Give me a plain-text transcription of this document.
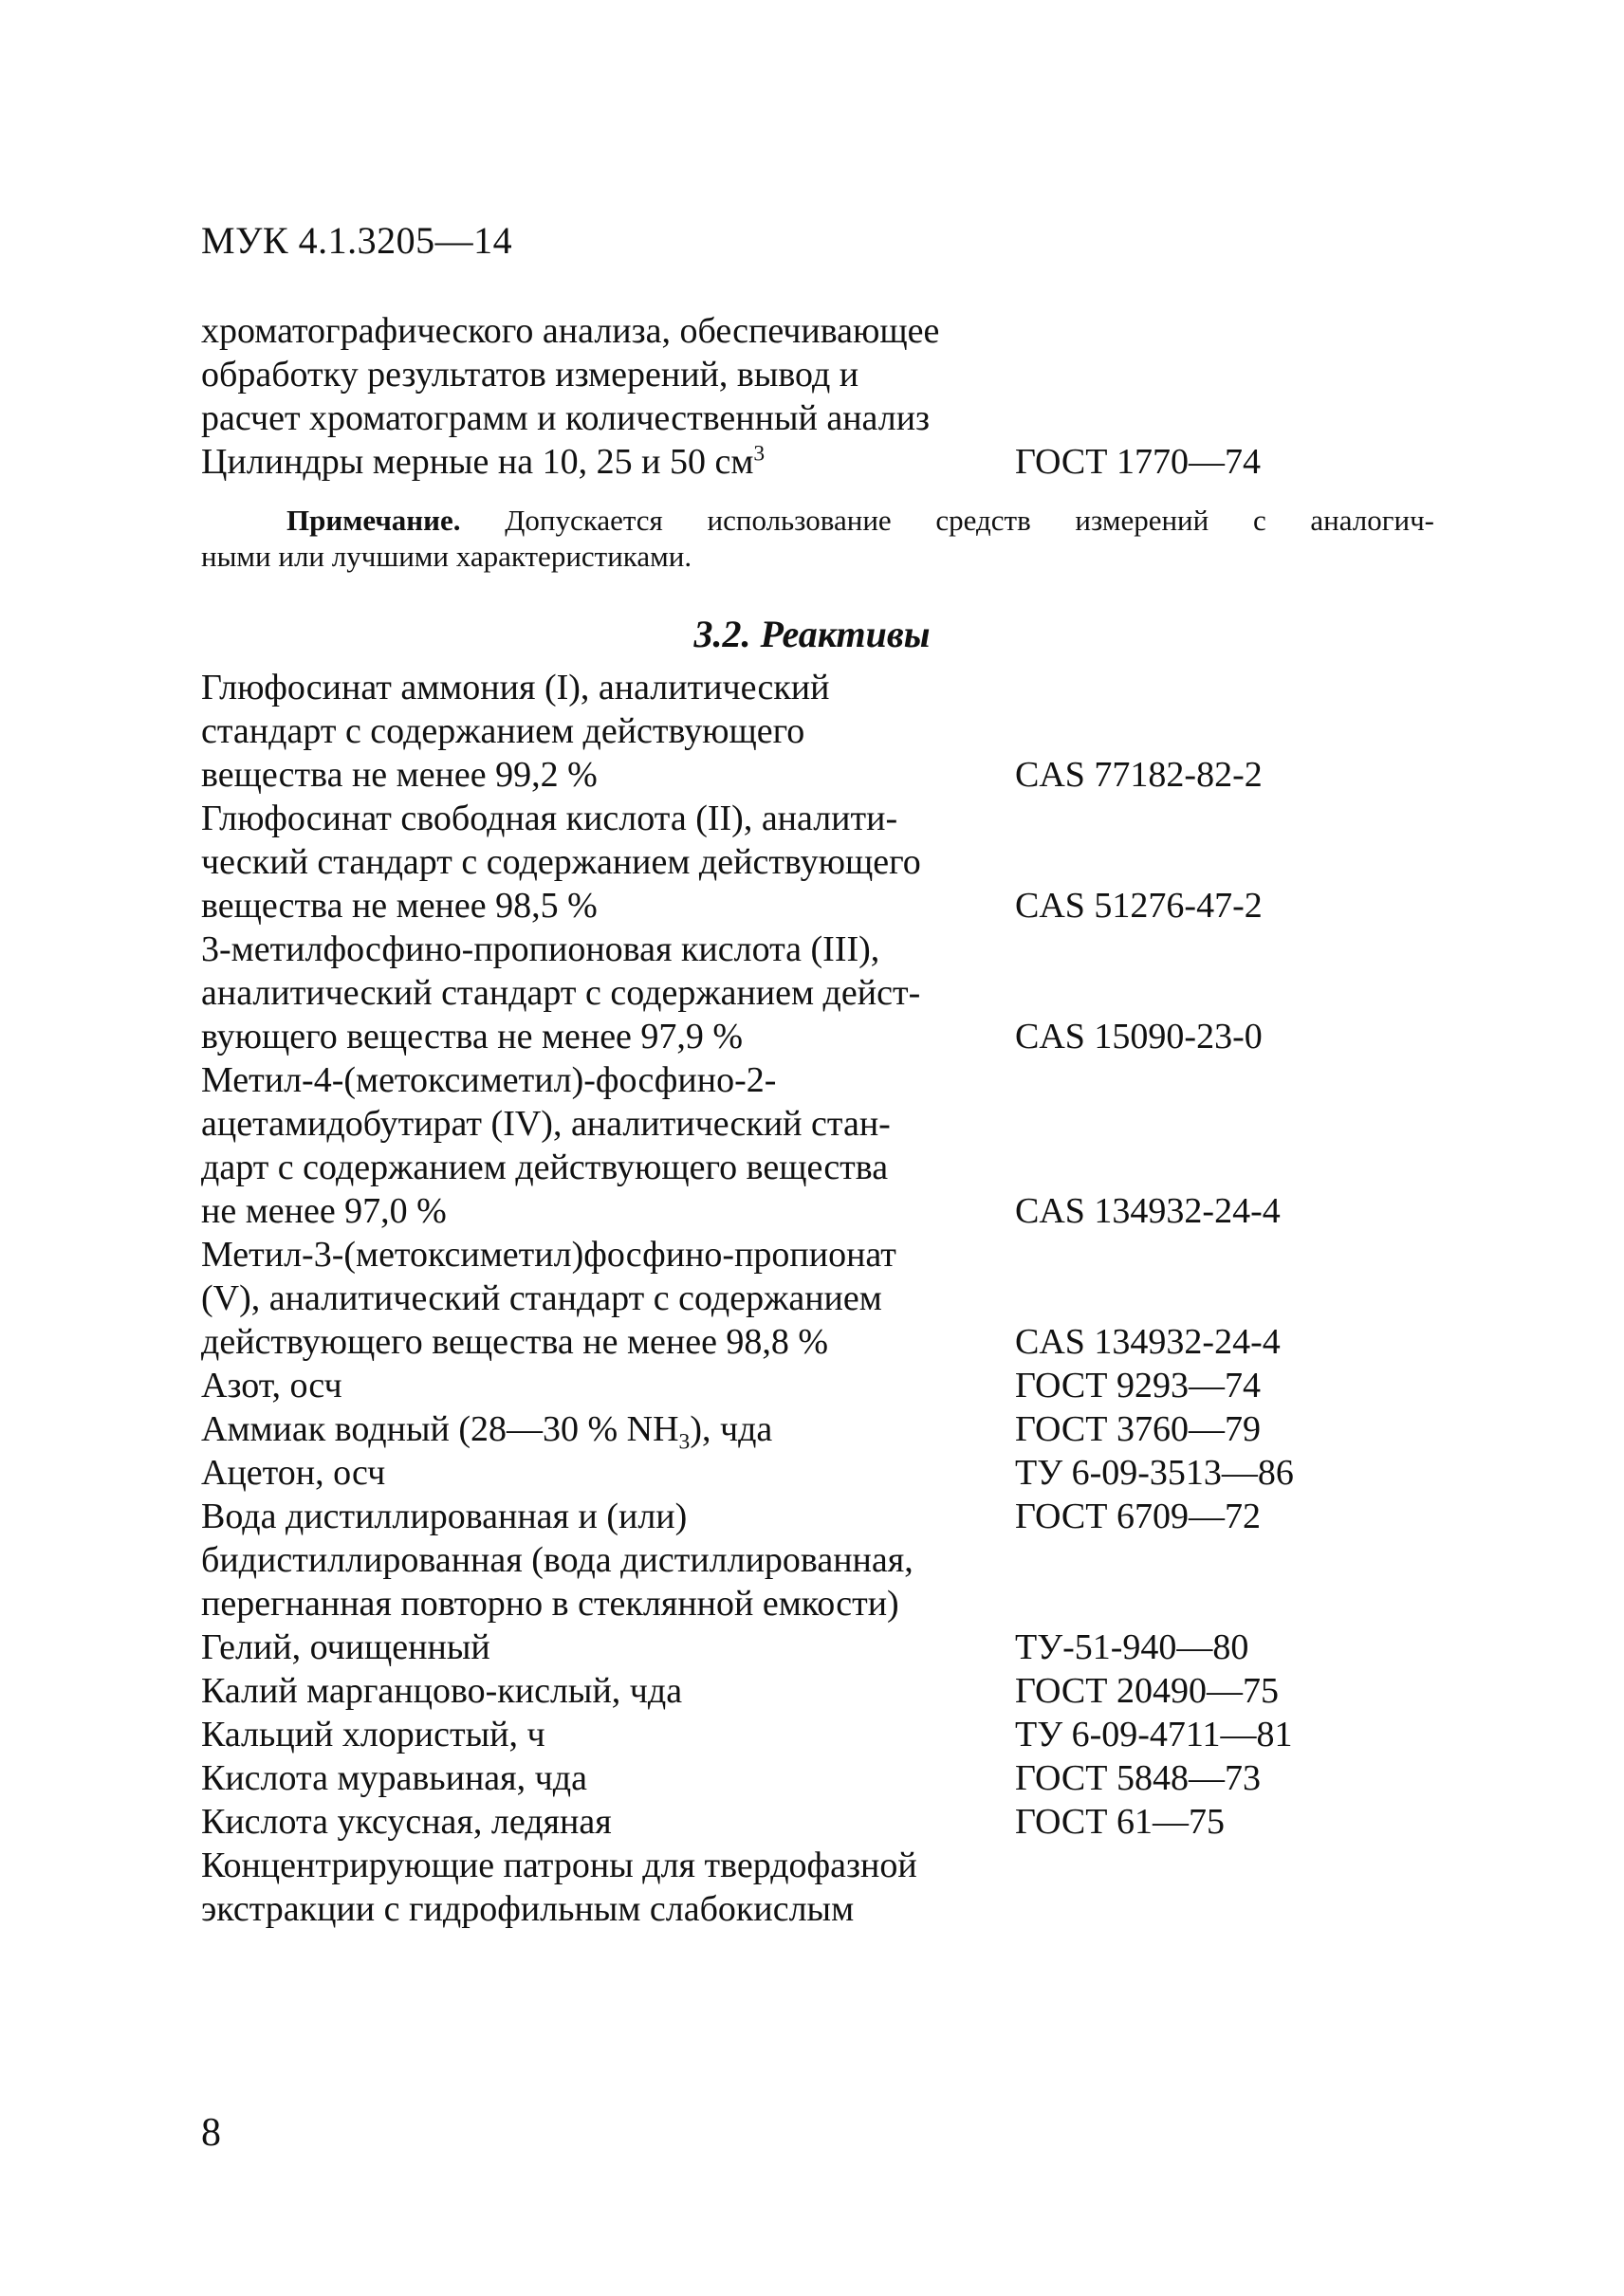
МУК 4.1.3205—14
хроматографического анализа, обеспечивающее
обработку результатов измерений, вывод и
расчет хроматограмм и количественный анализ
Цилиндры мерные на 10, 25 и 50 $см^3$	ГОСТ 1770—74

Примечание. Допускается использование средств измерений с аналогич-

ными или лучшими характеристиками.

3.2. Реактивы
Глюфосинат аммония (I), аналитический
стандарт с содержанием действующего
вещества не менее 99,2 %	CAS 77182-82-2
Глюфосинат свободная кислота (II), аналити-
ческий стандарт с содержанием действующего
вещества не менее 98,5 %	CAS 51276-47-2
3-метилфосфино-пропионовая кислота (III),
аналитический стандарт с содержанием дейст-
вующего вещества не менее 97,9 %	CAS 15090-23-0
Метил-4-(метоксиметил)-фосфино-2-
ацетамидобутират (IV), аналитический стан-
дарт с содержанием действующего вещества
не менее 97,0 %	CAS 134932-24-4
Метил-3-(метоксиметил)фосфино-пропионат
(V), аналитический стандарт с содержанием
действующего вещества не менее 98,8 %	CAS 134932-24-4
Азот, осч	ГОСТ 9293—74
Аммиак водный (28—30 % $NH_3$), чда	ГОСТ 3760—79
Ацетон, осч	ТУ 6-09-3513—86
Вода дистиллированная и (или)	ГОСТ 6709—72
бидистиллированная (вода дистиллированная,
перегнанная повторно в стеклянной емкости)
Гелий, очищенный	ТУ-51-940—80
Калий марганцово-кислый, чда	ГОСТ 20490—75
Кальций хлористый, ч	ТУ 6-09-4711—81
Кислота муравьиная, чда	ГОСТ 5848—73
Кислота уксусная, ледяная	ГОСТ 61—75
Концентрирующие патроны для твердофазной
экстракции с гидрофильным слабокислым
8
